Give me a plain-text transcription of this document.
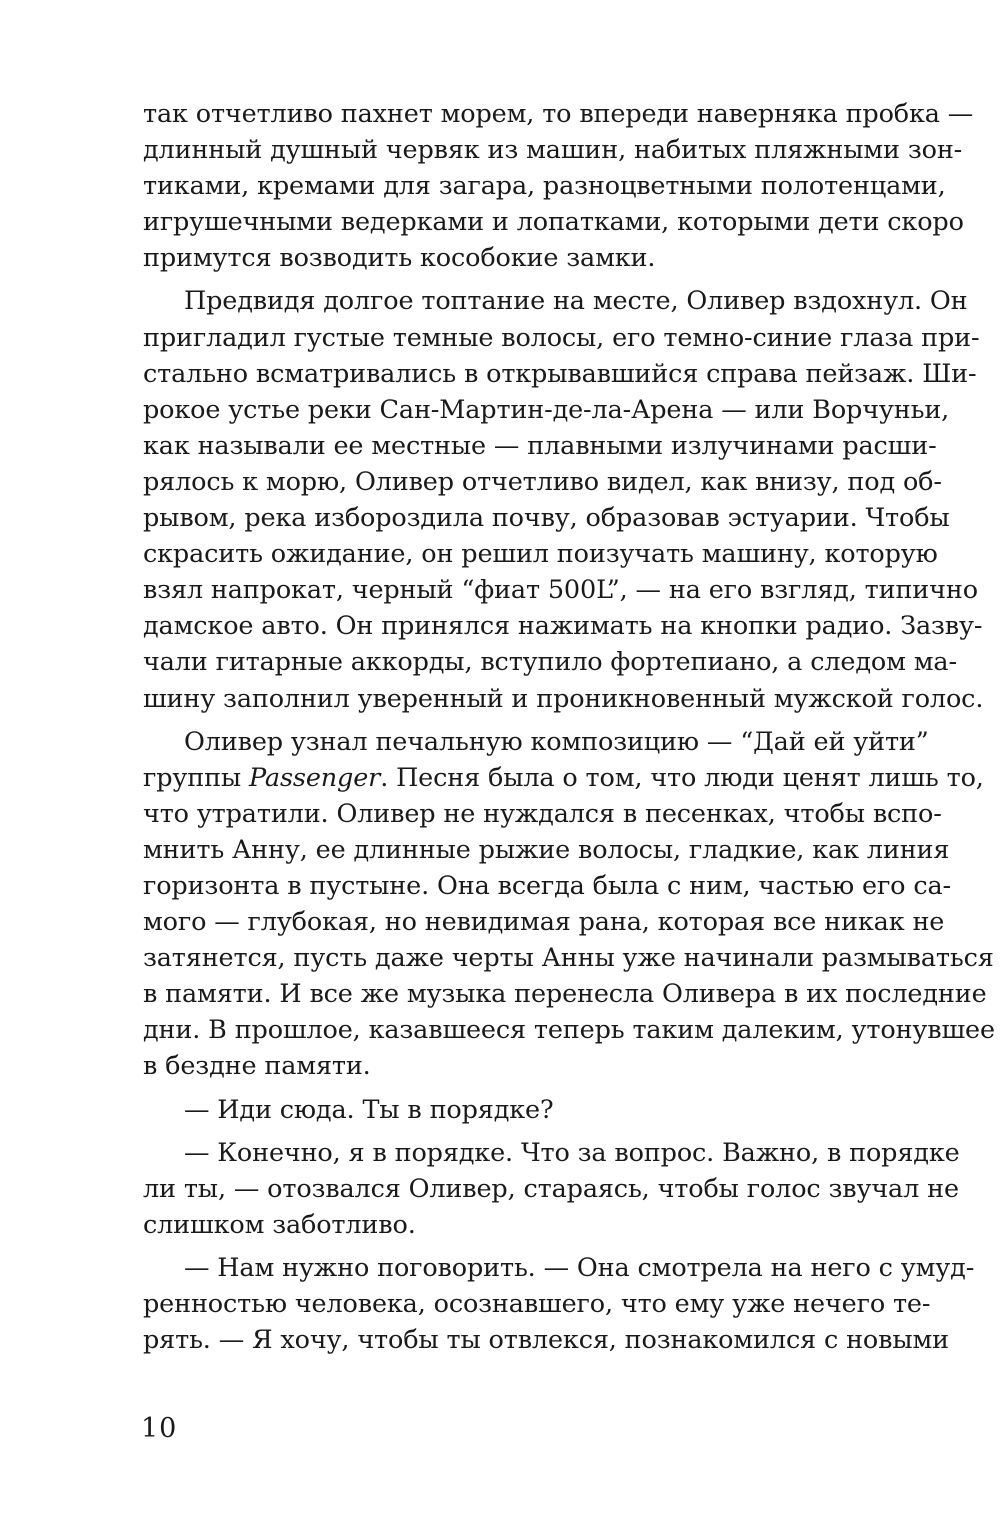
так отчетливо пахнет морем, то впереди наверняка пробка —
длинный душный червяк из машин, набитых пляжными зон-
тиками, кремами для загара, разноцветными полотенцами,
игрушечными ведерками и лопатками, которыми дети скоро
примутся возводить кособокие замки.
Предвидя долгое топтание на месте, Оливер вздохнул. Он
пригладил густые темные волосы, его темно-синие глаза при-
стально всматривались в открывавшийся справа пейзаж. Ши-
рокое устье реки Сан-Мартин-де-ла-Арена — или Ворчуньи,
как называли ее местные — плавными излучинами расши-
рялось к морю, Оливер отчетливо видел, как внизу, под об-
рывом, река избороздила почву, образовав эстуарии. Чтобы
скрасить ожидание, он решил поизучать машину, которую
взял напрокат, черный “фиат 500L”, — на его взгляд, типично
дамское авто. Он принялся нажимать на кнопки радио. Зазву-
чали гитарные аккорды, вступило фортепиано, а следом ма-
шину заполнил уверенный и проникновенный мужской голос.
Оливер узнал печальную композицию — “Дай ей уйти”
группы Passenger. Песня была о том, что люди ценят лишь то,
что утратили. Оливер не нуждался в песенках, чтобы вспо-
мнить Анну, ее длинные рыжие волосы, гладкие, как линия
горизонта в пустыне. Она всегда была с ним, частью его са-
мого — глубокая, но невидимая рана, которая все никак не
затянется, пусть даже черты Анны уже начинали размываться
в памяти. И все же музыка перенесла Оливера в их последние
дни. В прошлое, казавшееся теперь таким далеким, утонувшее
в бездне памяти.
— Иди сюда. Ты в порядке?
— Конечно, я в порядке. Что за вопрос. Важно, в порядке
ли ты, — отозвался Оливер, стараясь, чтобы голос звучал не
слишком заботливо.
— Нам нужно поговорить. — Она смотрела на него с умуд-
ренностью человека, осознавшего, что ему уже нечего те-
рять. — Я хочу, чтобы ты отвлекся, познакомился с новыми
10
